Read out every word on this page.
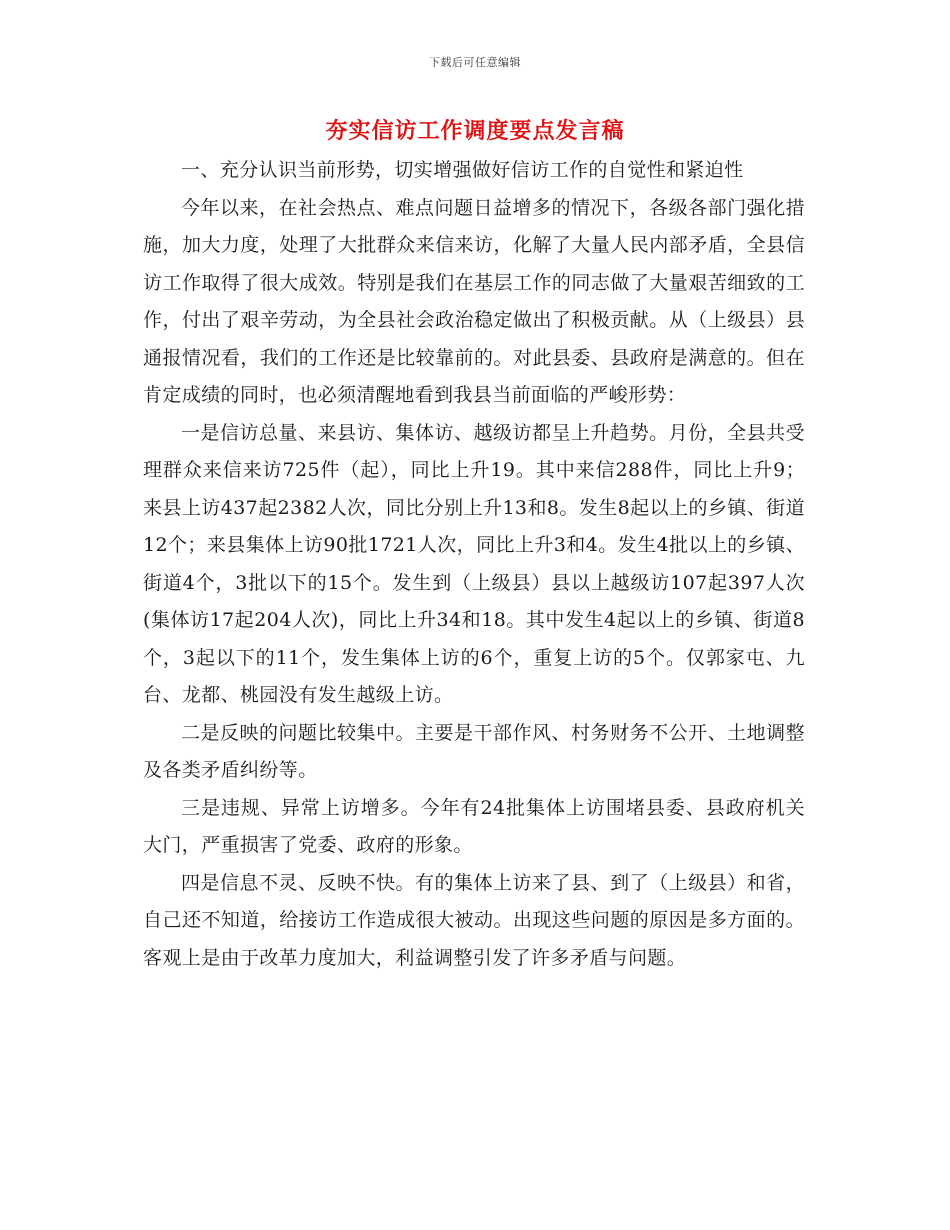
下载后可任意编辑
夯实信访工作调度要点发言稿

一、充分认识当前形势，切实增强做好信访工作的自觉性和紧迫性

今年以来，在社会热点、难点问题日益增多的情况下，各级各部门强化措施，加大力度，处理了大批群众来信来访，化解了大量人民内部矛盾，全县信访工作取得了很大成效。特别是我们在基层工作的同志做了大量艰苦细致的工作，付出了艰辛劳动，为全县社会政治稳定做出了积极贡献。从（上级县）县通报情况看，我们的工作还是比较靠前的。对此县委、县政府是满意的。但在肯定成绩的同时，也必须清醒地看到我县当前面临的严峻形势：

一是信访总量、来县访、集体访、越级访都呈上升趋势。月份，全县共受理群众来信来访725件（起），同比上升19。其中来信288件，同比上升9；来县上访437起2382人次，同比分别上升13和8。发生8起以上的乡镇、街道12个；来县集体上访90批1721人次，同比上升3和4。发生4批以上的乡镇、街道4个，3批以下的15个。发生到（上级县）县以上越级访107起397人次(集体访17起204人次)，同比上升34和18。其中发生4起以上的乡镇、街道8个，3起以下的11个，发生集体上访的6个，重复上访的5个。仅郭家屯、九台、龙都、桃园没有发生越级上访。

二是反映的问题比较集中。主要是干部作风、村务财务不公开、土地调整及各类矛盾纠纷等。

三是违规、异常上访增多。今年有24批集体上访围堵县委、县政府机关大门，严重损害了党委、政府的形象。

四是信息不灵、反映不快。有的集体上访来了县、到了（上级县）和省，自己还不知道，给接访工作造成很大被动。出现这些问题的原因是多方面的。客观上是由于改革力度加大，利益调整引发了许多矛盾与问题。
